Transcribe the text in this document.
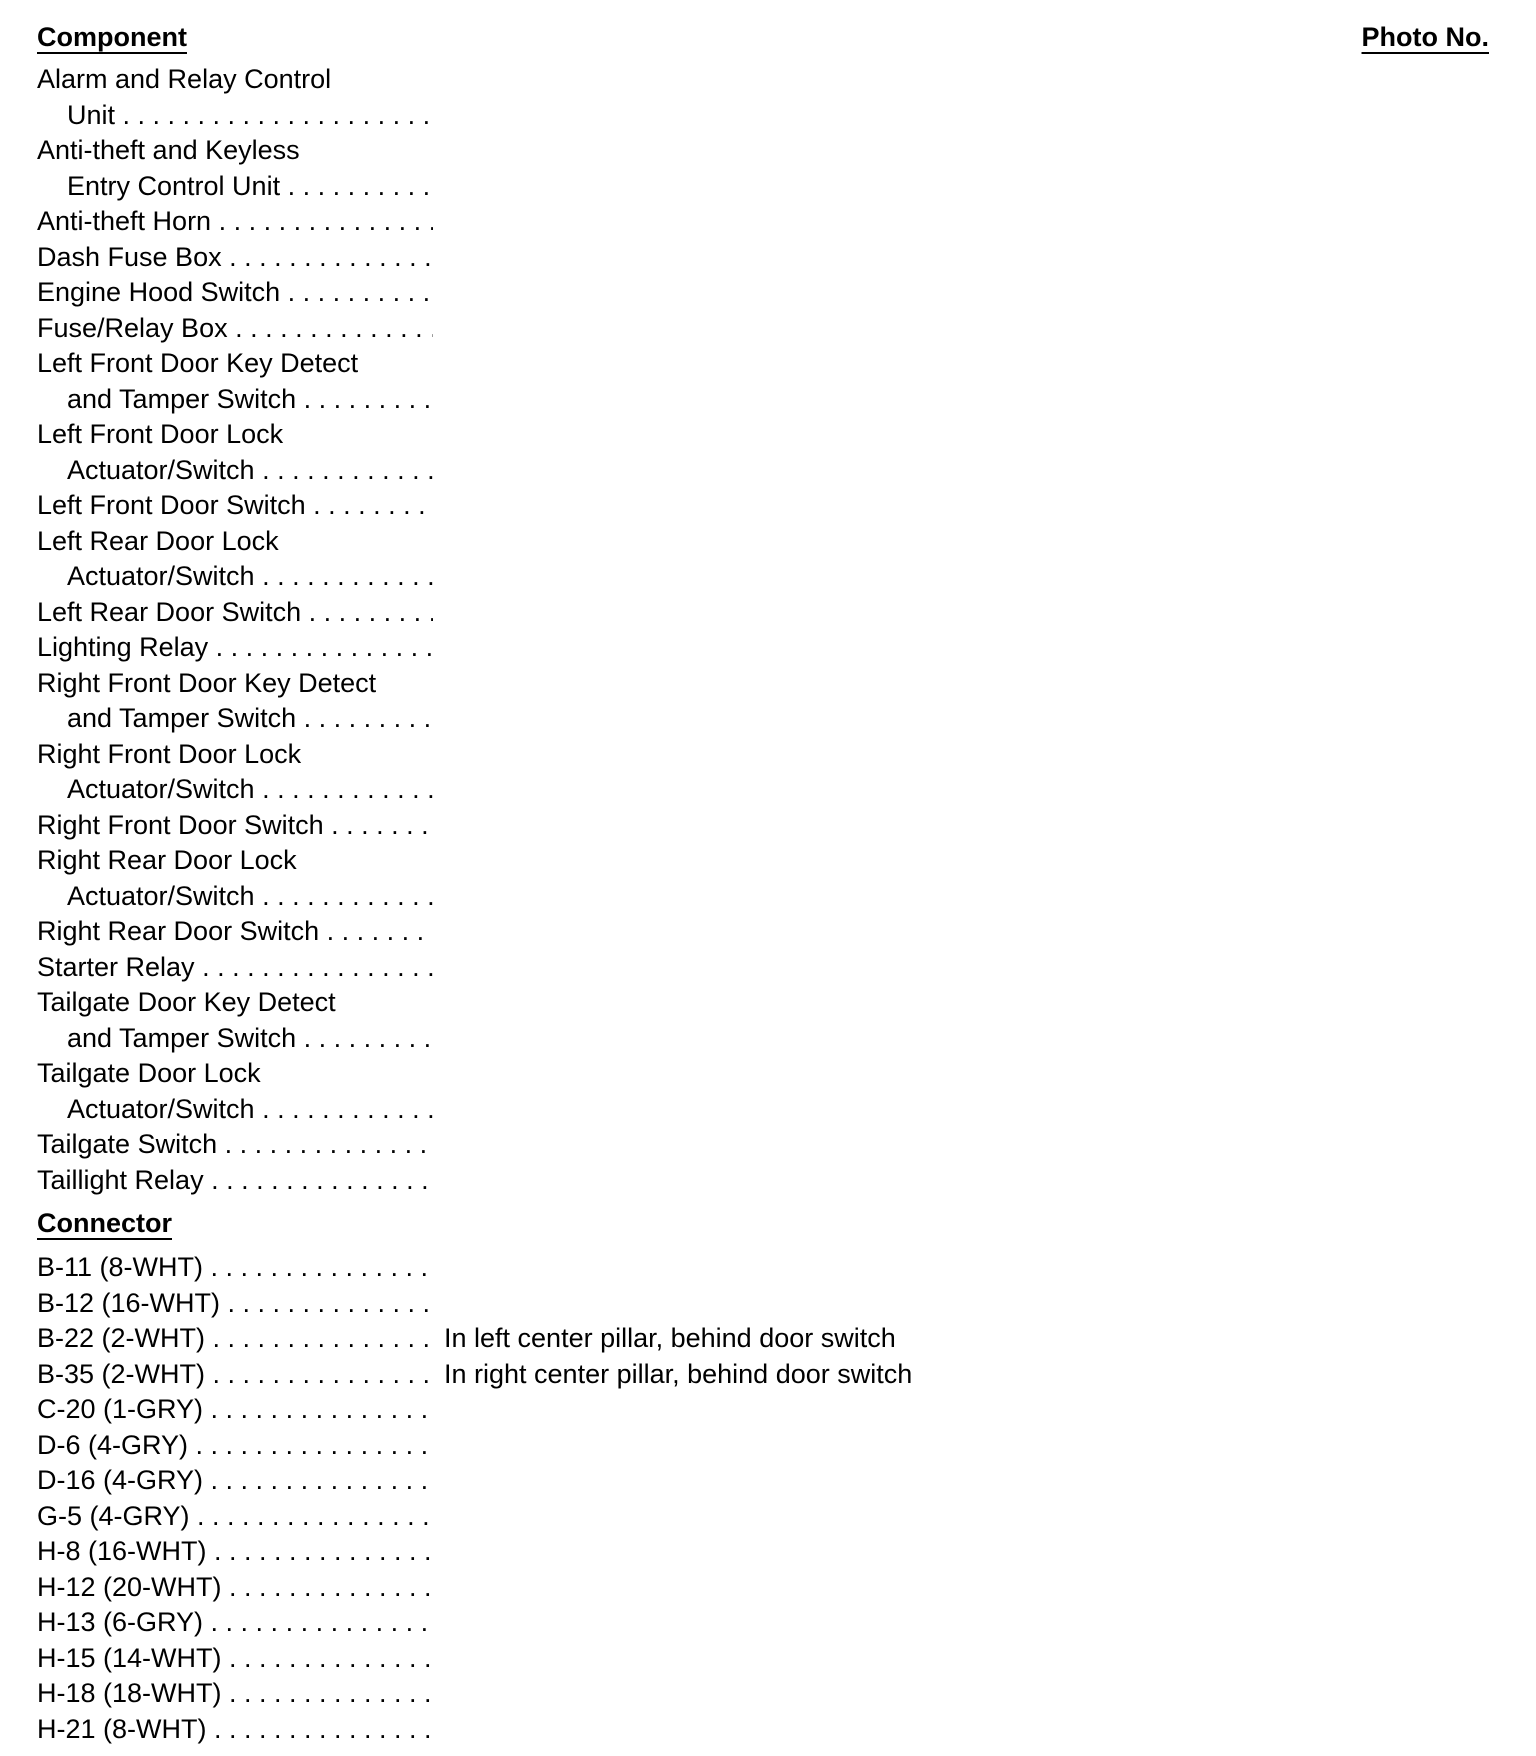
Component	Photo No.
Alarm and Relay Control
Unit . . .
Anti-theft and Keyless
Entry Control Unit . . .
Anti-theft Horn . . .
Dash Fuse Box . . .
Engine Hood Switch . . .
Fuse/Relay Box . . .
Left Front Door Key Detect
and Tamper Switch . . .
Left Front Door Lock
Actuator/Switch . . .
Left Front Door Switch . . .
Left Rear Door Lock
Actuator/Switch . . .
Left Rear Door Switch . . .
Lighting Relay . . .
Right Front Door Key Detect
and Tamper Switch . . .
Right Front Door Lock
Actuator/Switch . . .
Right Front Door Switch . . .
Right Rear Door Lock
Actuator/Switch . . .
Right Rear Door Switch . . .
Starter Relay . . .
Tailgate Door Key Detect
and Tamper Switch . . .
Tailgate Door Lock
Actuator/Switch . . .
Tailgate Switch . . .
Taillight Relay . . .
Connector
B-11 (8-WHT) . . .
B-12 (16-WHT) . . .
B-22 (2-WHT) . . .	In left center pillar, behind door switch
B-35 (2-WHT) . . .	In right center pillar, behind door switch
C-20 (1-GRY) . . .
D-6 (4-GRY) . . .
D-16 (4-GRY) . . .
G-5 (4-GRY) . . .
H-8 (16-WHT) . . .
H-12 (20-WHT) . . .
H-13 (6-GRY) . . .
H-15 (14-WHT) . . .
H-18 (18-WHT) . . .
H-21 (8-WHT) . . .
